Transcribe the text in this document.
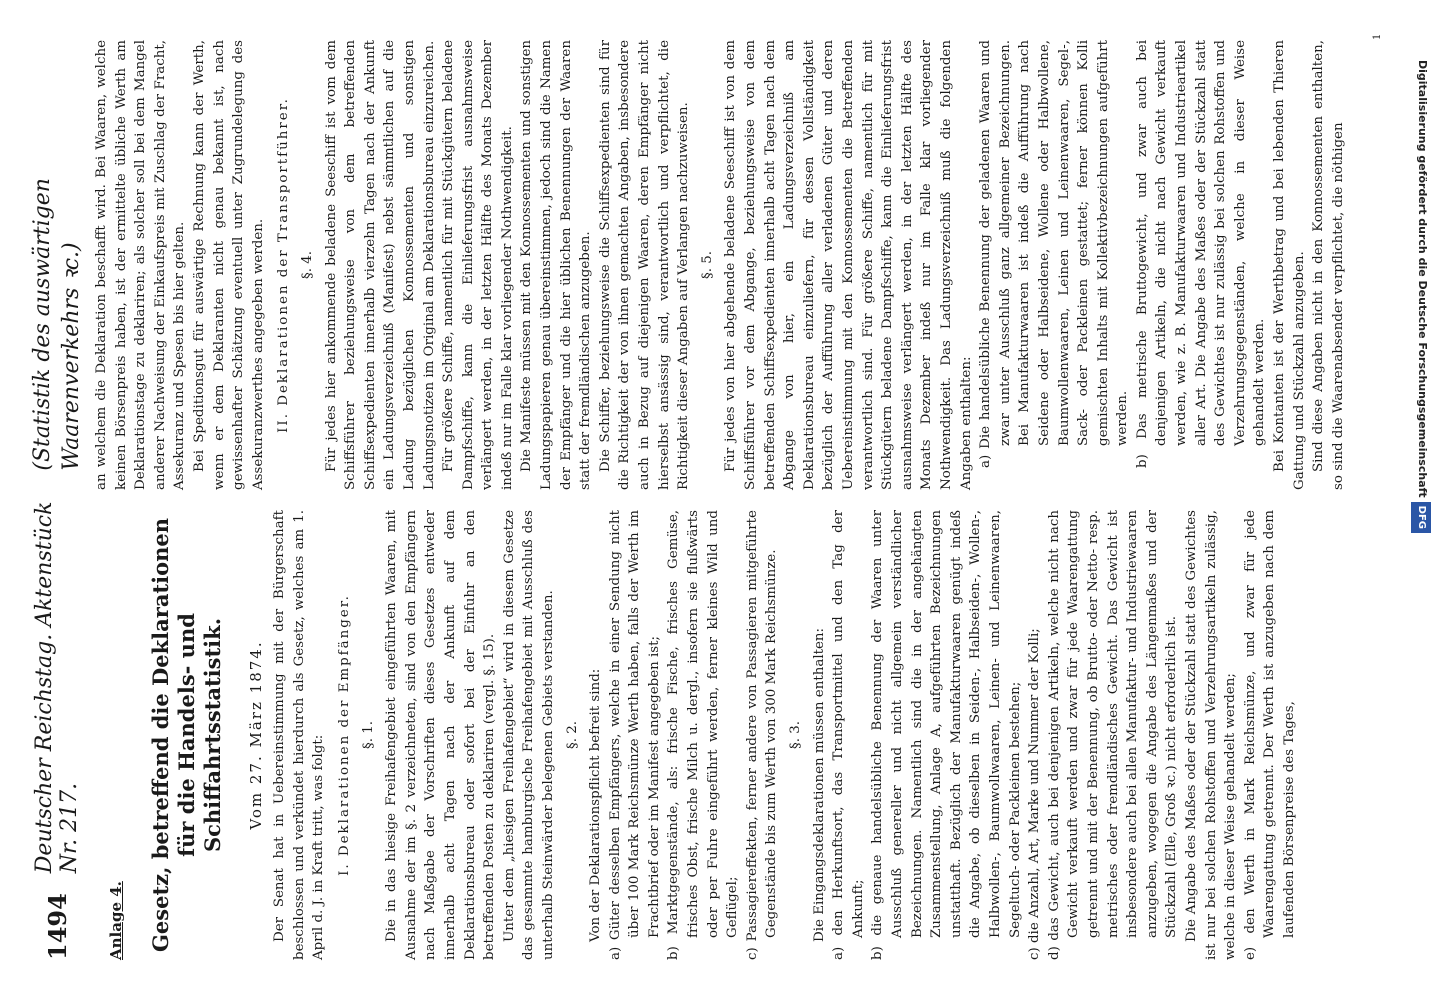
1494
Deutscher Reichstag. Aktenstück Nr. 217.
(Statistik des auswärtigen Waarenverkehrs ꝛc.)

Anlage 4. Gesetz, betreffend die Deklarationen für die Handels- und Schiffahrtsstatistik. Vom 27. März 1874. Der Senat hat in Uebereinstimmung mit der Bürgerschaft beschlossen und verkündet hierdurch als Gesetz, welches am 1. April d. J. in Kraft tritt, was folgt: I. Deklarationen der Empfänger. §. 1. Die in das hiesige Freihafengebiet eingeführten Waaren, mit Ausnahme der im §. 2 verzeichneten, sind von den Empfängern nach Maßgabe der Vorschriften dieses Gesetzes entweder innerhalb acht Tagen nach der Ankunft auf dem Deklarationsbureau oder sofort bei der Einfuhr an den betreffenden Posten zu deklariren (vergl. §. 15). Unter dem „hiesigen Freihafengebiet“ wird in diesem Gesetze das gesammte hamburgische Freihafengebiet mit Ausschluß des unterhalb Steinwärder belegenen Gebiets verstanden. §. 2. Von der Deklarationspflicht befreit sind: a) Güter desselben Empfängers, welche in einer Sendung nicht über 100 Mark Reichsmünze Werth haben, falls der Werth im Frachtbrief oder im Manifest angegeben ist; b) Marktgegenstände, als: frische Fische, frisches Gemüse, frisches Obst, frische Milch u. dergl., insofern sie flußwärts oder per Fuhre eingeführt werden, ferner kleines Wild und Geflügel; c) Passagiereffekten, ferner andere von Passagieren mitgeführte Gegenstände bis zum Werth von 300 Mark Reichsmünze. §. 3. Die Eingangsdeklarationen müssen enthalten: a) den Herkunftsort, das Transportmittel und den Tag der Ankunft; b) die genaue handelsübliche Benennung der Waaren unter Ausschluß genereller und nicht allgemein verständlicher Bezeichnungen. Namentlich sind die in der angehängten Zusammenstellung, Anlage A, aufgeführten Bezeichnungen unstatthaft. Bezüglich der Manufakturwaaren genügt indeß die Angabe, ob dieselben in Seiden-, Halbseiden-, Wollen-, Halbwollen-, Baumwollwaaren, Leinen- und Leinenwaaren, Segeltuch- oder Packleinen bestehen; c) die Anzahl, Art, Marke und Nummer der Kolli; d) das Gewicht, auch bei denjenigen Artikeln, welche nicht nach Gewicht verkauft werden und zwar für jede Waarengattung getrennt und mit der Benennung, ob Brutto- oder Netto- resp. metrisches oder fremdländisches Gewicht. Das Gewicht ist insbesondere auch bei allen Manufaktur- und Industriewaaren anzugeben, wogegen die Angabe des Längenmaßes und der Stückzahl (Elle, Groß ꝛc.) nicht erforderlich ist. Die Angabe des Maßes oder der Stückzahl statt des Gewichtes ist nur bei solchen Rohstoffen und Verzehrungsartikeln zulässig, welche in dieser Weise gehandelt werden; e) den Werth in Mark Reichsmünze, und zwar für jede Waarengattung getrennt. Der Werth ist anzugeben nach dem laufenden Börsenpreise des Tages,

an welchem die Deklaration beschafft wird. Bei Waaren, welche keinen Börsenpreis haben, ist der ermittelte übliche Werth am Deklarationstage zu deklariren; als solcher soll bei dem Mangel anderer Nachweisung der Einkaufspreis mit Zuschlag der Fracht, Assekuranz und Spesen bis hier gelten. Bei Speditionsgut für auswärtige Rechnung kann der Werth, wenn er dem Deklaranten nicht genau bekannt ist, nach gewissenhafter Schätzung eventuell unter Zugrundelegung des Assekuranzwerthes angegeben werden. II. Deklarationen der Transportführer. §. 4. Für jedes hier ankommende beladene Seeschiff ist vom dem Schiffsführer beziehungsweise von dem betreffenden Schiffsexpedienten innerhalb vierzehn Tagen nach der Ankunft ein Ladungsverzeichniß (Manifest) nebst sämmtlichen auf die Ladung bezüglichen Konnossementen und sonstigen Ladungsnotizen im Original am Deklarationsbureau einzureichen. Für größere Schiffe, namentlich für mit Stückgütern beladene Dampfschiffe, kann die Einlieferungsfrist ausnahmsweise verlängert werden, in der letzten Hälfte des Monats Dezember indeß nur im Falle klar vorliegender Nothwendigkeit. Die Manifeste müssen mit den Konnossementen und sonstigen Ladungspapieren genau übereinstimmen, jedoch sind die Namen der Empfänger und die hier üblichen Benennungen der Waaren statt der fremdländischen anzugeben. Die Schiffer, beziehungsweise die Schiffsexpedienten sind für die Richtigkeit der von ihnen gemachten Angaben, insbesondere auch in Bezug auf diejenigen Waaren, deren Empfänger nicht hierselbst ansässig sind, verantwortlich und verpflichtet, die Richtigkeit dieser Angaben auf Verlangen nachzuweisen. §. 5. Für jedes von hier abgehende beladene Seeschiff ist von dem Schiffsführer vor dem Abgange, beziehungsweise von dem betreffenden Schiffsexpedienten innerhalb acht Tagen nach dem Abgange von hier, ein Ladungsverzeichniß am Deklarationsbureau einzuliefern, für dessen Vollständigkeit bezüglich der Aufführung aller verladenen Güter und deren Uebereinstimmung mit den Konnossementen die Betreffenden verantwortlich sind. Für größere Schiffe, namentlich für mit Stückgütern beladene Dampfschiffe, kann die Einlieferungsfrist ausnahmsweise verlängert werden, in der letzten Hälfte des Monats Dezember indeß nur im Falle klar vorliegender Nothwendigkeit. Das Ladungsverzeichniß muß die folgenden Angaben enthalten: a) Die handelsübliche Benennung der geladenen Waaren und zwar unter Ausschluß ganz allgemeiner Bezeichnungen. Bei Manufakturwaaren ist indeß die Aufführung nach Seidene oder Halbseidene, Wollene oder Halbwollene, Baumwollenwaaren, Leinen und Leinenwaaren, Segel-, Sack- oder Packleinen gestattet; ferner können Kolli gemischten Inhalts mit Kollektivbezeichnungen aufgeführt werden. b) Das metrische Bruttogewicht, und zwar auch bei denjenigen Artikeln, die nicht nach Gewicht verkauft werden, wie z. B. Manufakturwaaren und Industrieartikel aller Art. Die Angabe des Maßes oder der Stückzahl statt des Gewichtes ist nur zulässig bei solchen Rohstoffen und Verzehrungsgegenständen, welche in dieser Weise gehandelt werden. Bei Kontanten ist der Werthbetrag und bei lebenden Thieren Gattung und Stückzahl anzugeben. Sind diese Angaben nicht in den Konnossementen enthalten, so sind die Waarenabsender verpflichtet, die nöthigen

1
Digitalisierung gefördert durch die Deutsche ForschungsgemeinschaftDFG
